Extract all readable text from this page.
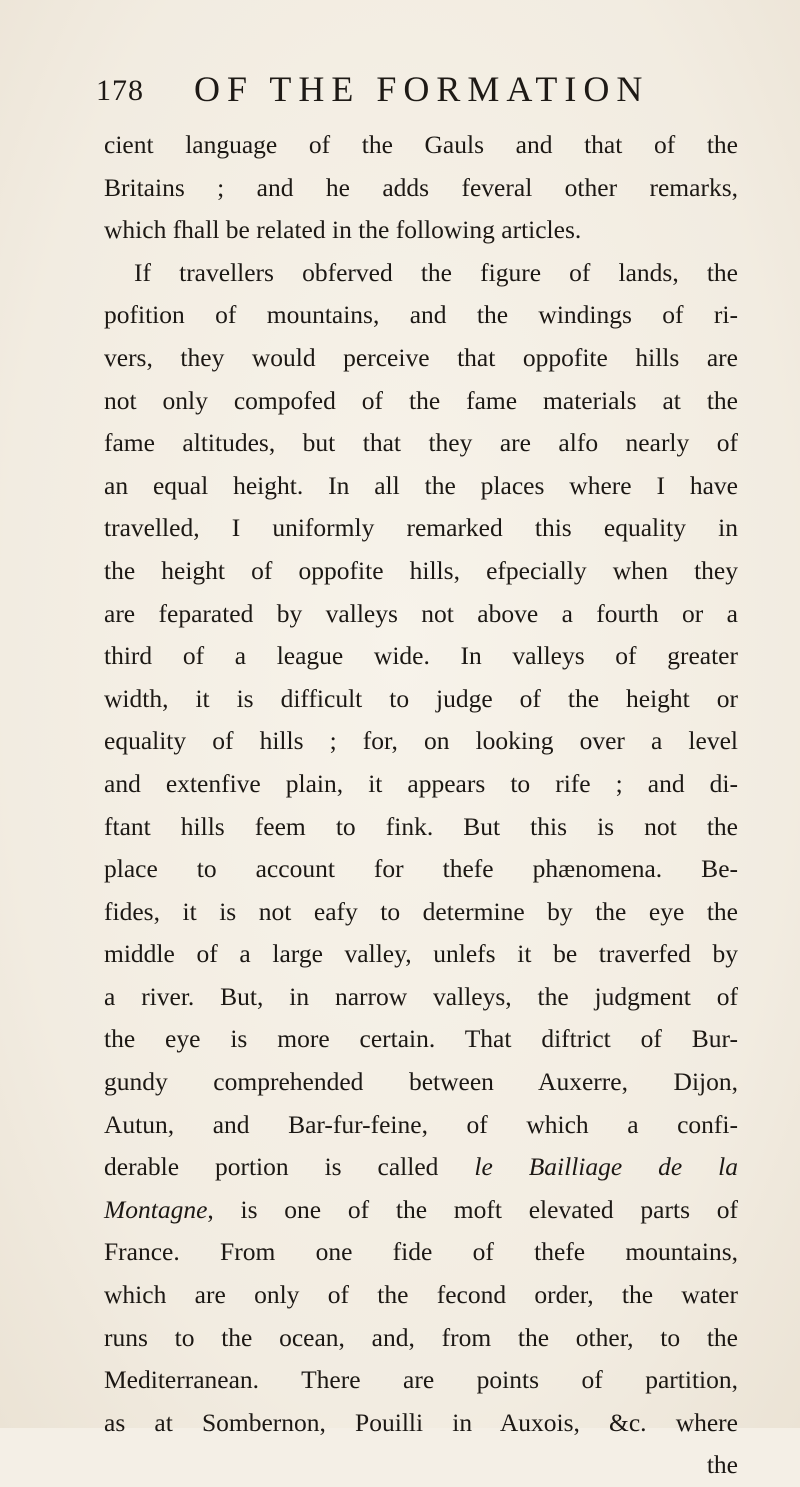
178 OF THE FORMATION
cient language of the Gauls and that of the
Britains ; and he adds feveral other remarks,
which fhall be related in the following articles.
If travellers obferved the figure of lands, the
pofition of mountains, and the windings of ri-
vers, they would perceive that oppofite hills are
not only compofed of the fame materials at the
fame altitudes, but that they are alfo nearly of
an equal height. In all the places where I have
travelled, I uniformly remarked this equality in
the height of oppofite hills, efpecially when they
are feparated by valleys not above a fourth or a
third of a league wide. In valleys of greater
width, it is difficult to judge of the height or
equality of hills ; for, on looking over a level
and extenfive plain, it appears to rife ; and di-
ftant hills feem to fink. But this is not the
place to account for thefe phænomena. Be-
fides, it is not eafy to determine by the eye the
middle of a large valley, unlefs it be traverfed by
a river. But, in narrow valleys, the judgment of
the eye is more certain. That diftrict of Bur-
gundy comprehended between Auxerre, Dijon,
Autun, and Bar-fur-feine, of which a confi-
derable portion is called le Bailliage de la
Montagne, is one of the moft elevated parts of
France. From one fide of thefe mountains,
which are only of the fecond order, the water
runs to the ocean, and, from the other, to the
Mediterranean. There are points of partition,
as at Sombernon, Pouilli in Auxois, &c. where
the
